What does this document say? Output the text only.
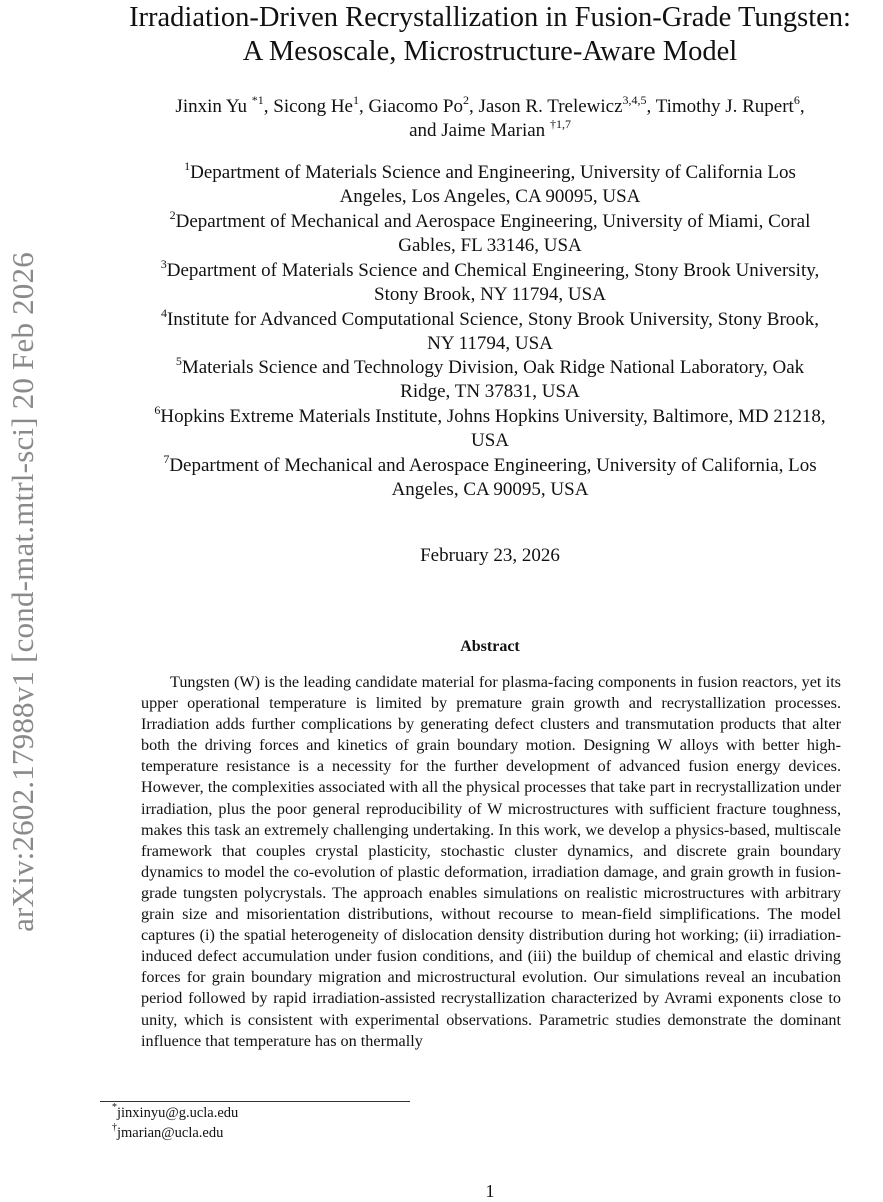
arXiv:2602.17988v1 [cond-mat.mtrl-sci] 20 Feb 2026
Irradiation-Driven Recrystallization in Fusion-Grade Tungsten:
A Mesoscale, Microstructure-Aware Model
Jinxin Yu $^{*1}$, Sicong He$^1$, Giacomo Po$^2$, Jason R. Trelewicz$^{3,4,5}$, Timothy J. Rupert$^6$,
and Jaime Marian $^{\dagger 1,7}$
$^1$Department of Materials Science and Engineering, University of California Los
Angeles, Los Angeles, CA 90095, USA
$^2$Department of Mechanical and Aerospace Engineering, University of Miami, Coral
Gables, FL 33146, USA
$^3$Department of Materials Science and Chemical Engineering, Stony Brook University,
Stony Brook, NY 11794, USA
$^4$Institute for Advanced Computational Science, Stony Brook University, Stony Brook,
NY 11794, USA
$^5$Materials Science and Technology Division, Oak Ridge National Laboratory, Oak
Ridge, TN 37831, USA
$^6$Hopkins Extreme Materials Institute, Johns Hopkins University, Baltimore, MD 21218,
USA
$^7$Department of Mechanical and Aerospace Engineering, University of California, Los
Angeles, CA 90095, USA
February 23, 2026
Abstract
Tungsten (W) is the leading candidate material for plasma-facing components in fusion reactors, yet its upper operational temperature is limited by premature grain growth and recrystallization processes. Irradiation adds further complications by generating defect clusters and transmutation products that alter both the driving forces and kinetics of grain boundary motion. Designing W alloys with better high-temperature resistance is a necessity for the further development of advanced fusion energy devices. However, the complexities associated with all the physical processes that take part in recrystallization under irradiation, plus the poor general reproducibility of W microstructures with sufficient fracture toughness, makes this task an extremely challenging undertaking. In this work, we develop a physics-based, multiscale framework that couples crystal plasticity, stochastic cluster dynamics, and discrete grain boundary dynamics to model the co-evolution of plastic deformation, irradiation damage, and grain growth in fusion-grade tungsten polycrystals. The approach enables simulations on realistic microstructures with arbitrary grain size and misorientation distributions, without recourse to mean-field simplifications. The model captures (i) the spatial heterogeneity of dislocation density distribution during hot working; (ii) irradiation-induced defect accumulation under fusion conditions, and (iii) the buildup of chemical and elastic driving forces for grain boundary migration and microstructural evolution. Our simulations reveal an incubation period followed by rapid irradiation-assisted recrystallization characterized by Avrami exponents close to unity, which is consistent with experimental observations. Parametric studies demonstrate the dominant influence that temperature has on thermally
*jinxinyu@g.ucla.edu
†jmarian@ucla.edu
1
